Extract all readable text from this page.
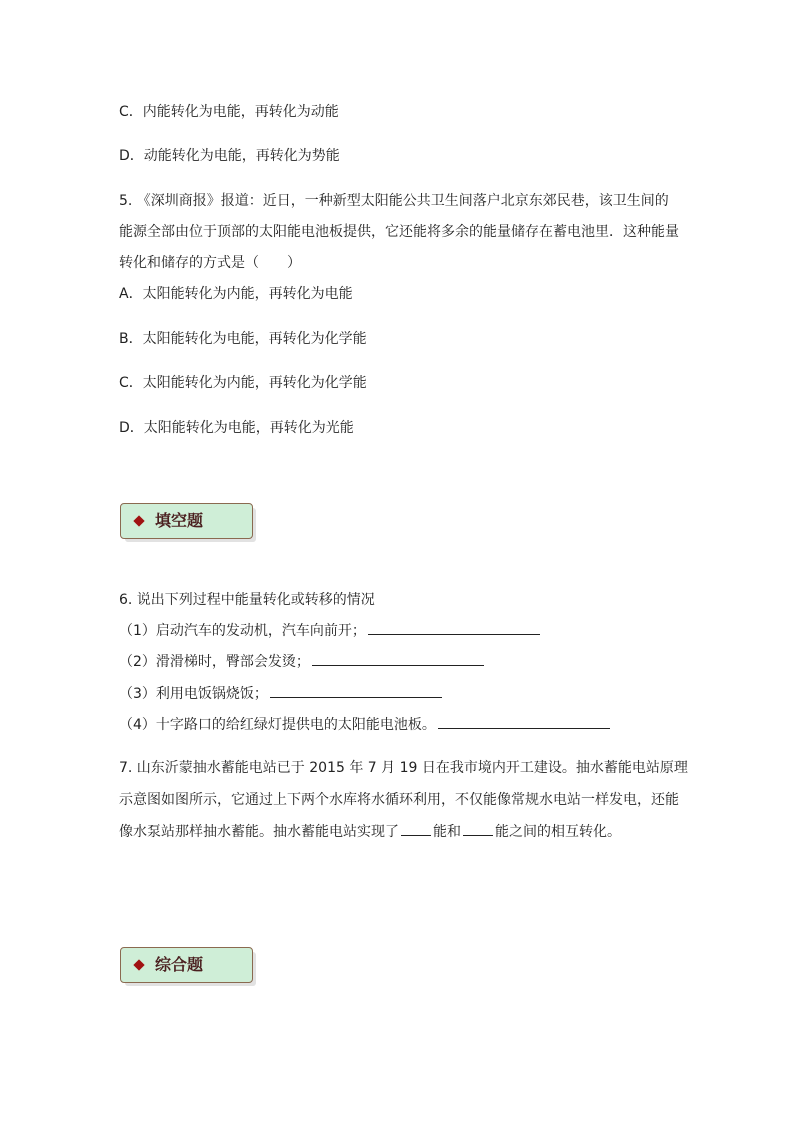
C．内能转化为电能，再转化为动能
D．动能转化为电能，再转化为势能
5. 《深圳商报》报道：近日，一种新型太阳能公共卫生间落户北京东郊民巷，该卫生间的
能源全部由位于顶部的太阳能电池板提供，它还能将多余的能量储存在蓄电池里．这种能量
转化和储存的方式是（　　）
A．太阳能转化为内能，再转化为电能
B．太阳能转化为电能，再转化为化学能
C．太阳能转化为内能，再转化为化学能
D．太阳能转化为电能，再转化为光能
填空题
6. 说出下列过程中能量转化或转移的情况
（1）启动汽车的发动机，汽车向前开；
（2）滑滑梯时，臀部会发烫；
（3）利用电饭锅烧饭；
（4）十字路口的给红绿灯提供电的太阳能电池板。
7. 山东沂蒙抽水蓄能电站已于 2015 年 7 月 19 日在我市境内开工建设。抽水蓄能电站原理
示意图如图所示，它通过上下两个水库将水循环利用，不仅能像常规水电站一样发电，还能
像水泵站那样抽水蓄能。抽水蓄能电站实现了 能和 能之间的相互转化。
综合题
